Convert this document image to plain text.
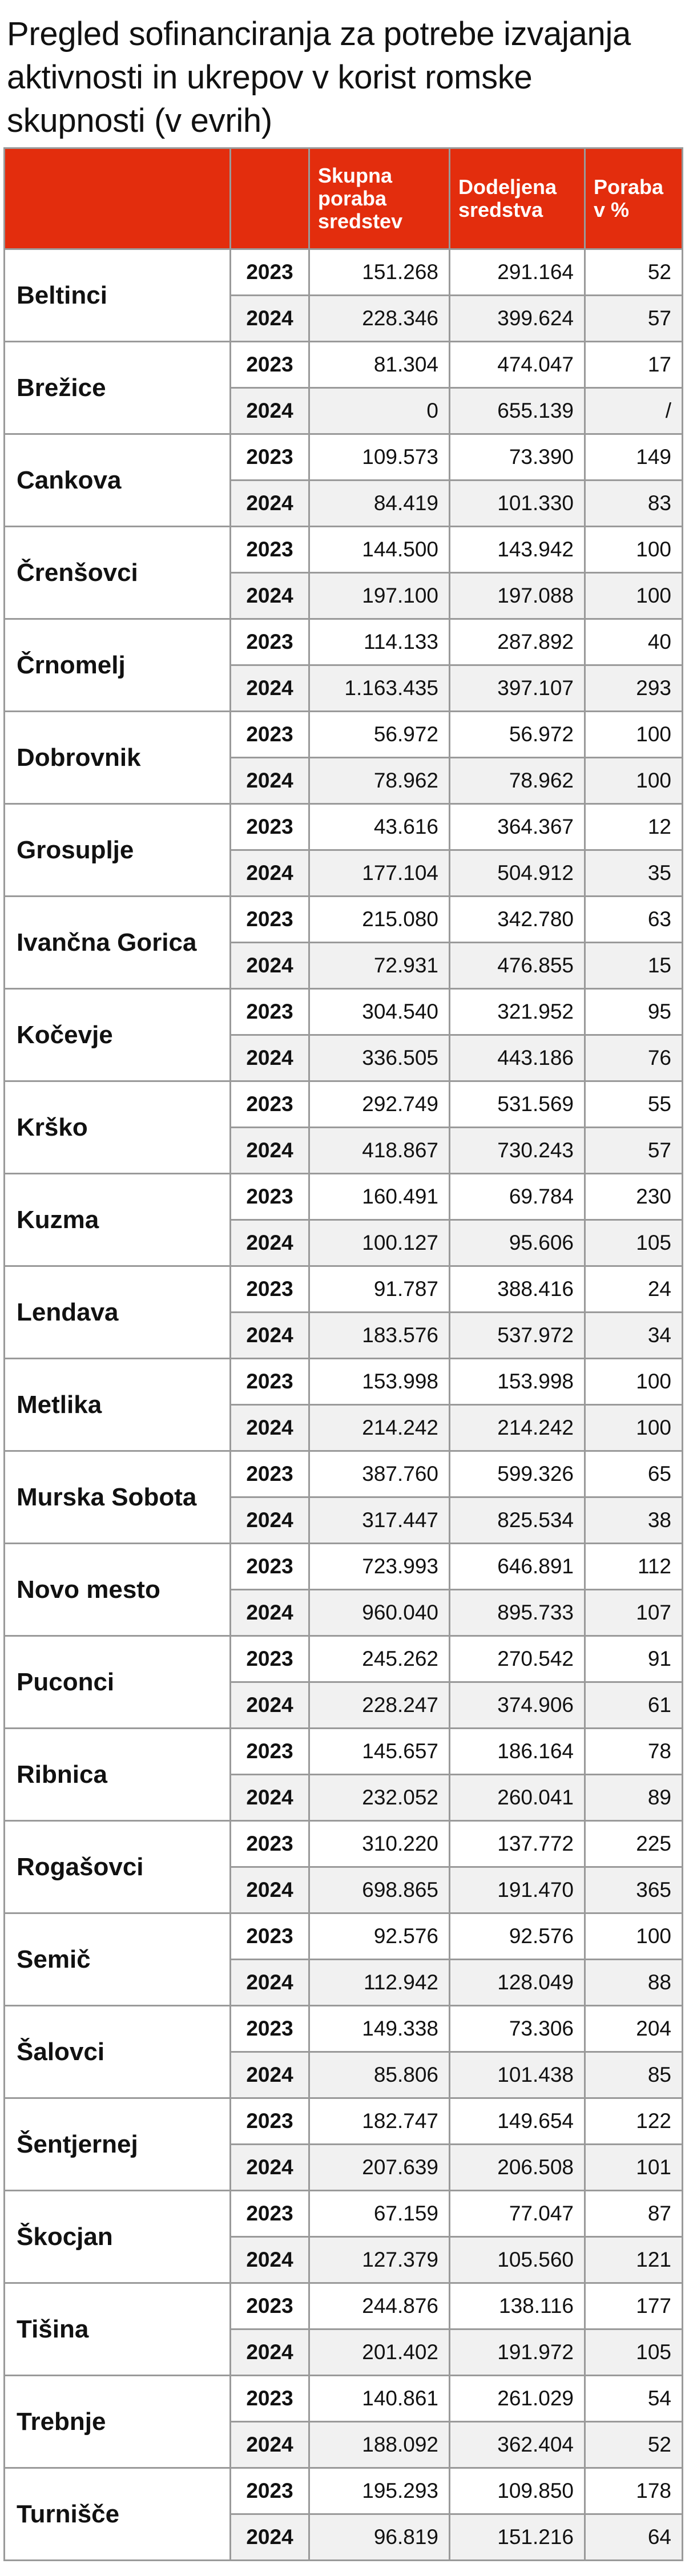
Pregled sofinanciranja za potrebe izvajanja aktivnosti in ukrepov v korist romske skupnosti (v evrih)
		Skupna poraba sredstev	Dodeljena sredstva	Poraba v %
Beltinci	2023	151.268	291.164	52
	2024	228.346	399.624	57
Brežice	2023	81.304	474.047	17
	2024	0	655.139	/
Cankova	2023	109.573	73.390	149
	2024	84.419	101.330	83
Črenšovci	2023	144.500	143.942	100
	2024	197.100	197.088	100
Črnomelj	2023	114.133	287.892	40
	2024	1.163.435	397.107	293
Dobrovnik	2023	56.972	56.972	100
	2024	78.962	78.962	100
Grosuplje	2023	43.616	364.367	12
	2024	177.104	504.912	35
Ivančna Gorica	2023	215.080	342.780	63
	2024	72.931	476.855	15
Kočevje	2023	304.540	321.952	95
	2024	336.505	443.186	76
Krško	2023	292.749	531.569	55
	2024	418.867	730.243	57
Kuzma	2023	160.491	69.784	230
	2024	100.127	95.606	105
Lendava	2023	91.787	388.416	24
	2024	183.576	537.972	34
Metlika	2023	153.998	153.998	100
	2024	214.242	214.242	100
Murska Sobota	2023	387.760	599.326	65
	2024	317.447	825.534	38
Novo mesto	2023	723.993	646.891	112
	2024	960.040	895.733	107
Puconci	2023	245.262	270.542	91
	2024	228.247	374.906	61
Ribnica	2023	145.657	186.164	78
	2024	232.052	260.041	89
Rogašovci	2023	310.220	137.772	225
	2024	698.865	191.470	365
Semič	2023	92.576	92.576	100
	2024	112.942	128.049	88
Šalovci	2023	149.338	73.306	204
	2024	85.806	101.438	85
Šentjernej	2023	182.747	149.654	122
	2024	207.639	206.508	101
Škocjan	2023	67.159	77.047	87
	2024	127.379	105.560	121
Tišina	2023	244.876	138.116	177
	2024	201.402	191.972	105
Trebnje	2023	140.861	261.029	54
	2024	188.092	362.404	52
Turnišče	2023	195.293	109.850	178
	2024	96.819	151.216	64
